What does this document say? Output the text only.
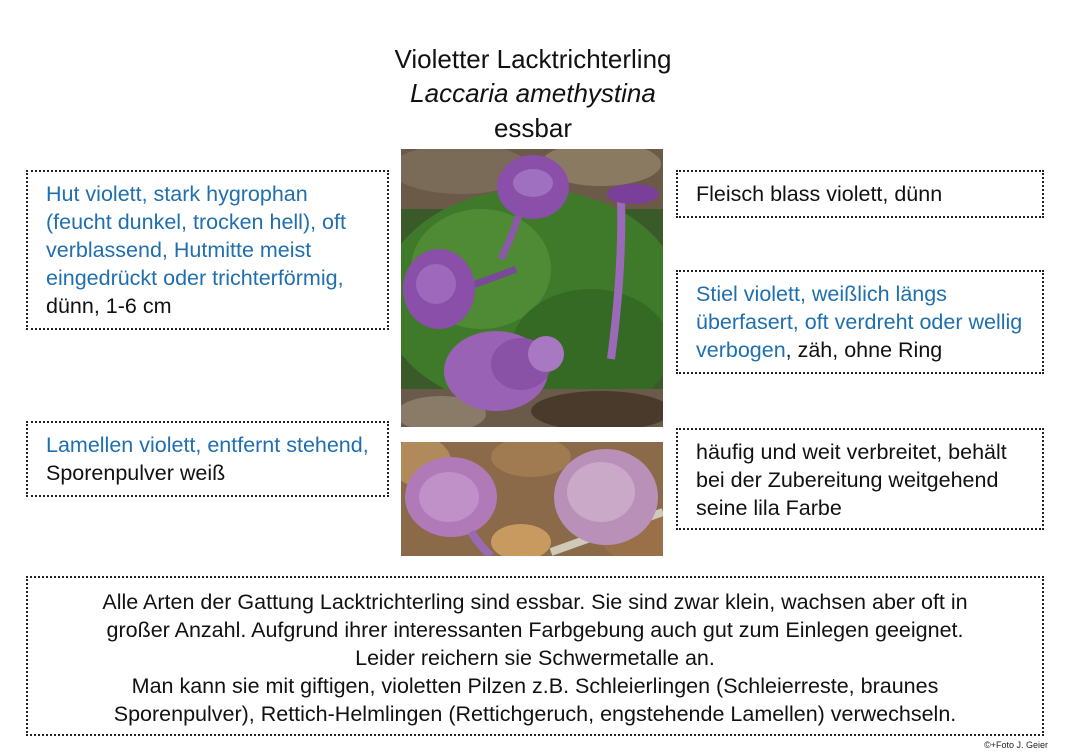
Violetter Lacktrichterling
Laccaria amethystina
essbar
Hut violett, stark hygrophan (feucht dunkel, trocken hell), oft verblassend, Hutmitte meist eingedrückt oder trichterförmig, dünn, 1-6 cm
Fleisch blass violett, dünn
Stiel violett, weißlich längs überfasert, oft verdreht oder wellig verbogen, zäh, ohne Ring
Lamellen violett, entfernt stehend, Sporenpulver weiß
häufig und weit verbreitet, behält bei der Zubereitung weitgehend seine lila Farbe
Alle Arten der Gattung Lacktrichterling sind essbar. Sie sind zwar klein, wachsen aber oft in
großer Anzahl. Aufgrund ihrer interessanten Farbgebung auch gut zum Einlegen geeignet.
Leider reichern sie Schwermetalle an.
Man kann sie mit giftigen, violetten Pilzen z.B. Schleierlingen (Schleierreste, braunes
Sporenpulver), Rettich-Helmlingen (Rettichgeruch, engstehende Lamellen) verwechseln.
©+Foto J. Geier
